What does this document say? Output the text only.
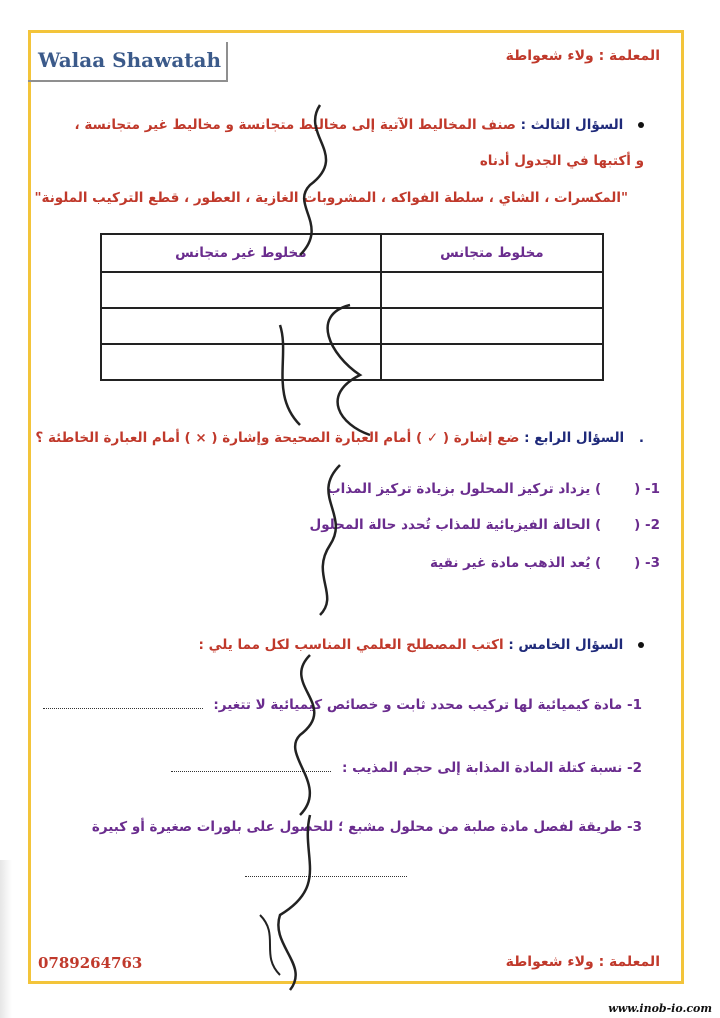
Walaa Shawatah	المعلمة : ولاء شعواطة
السؤال الثالث : صنف المخاليط الآتية إلى مخاليط متجانسة و مخاليط غير متجانسة ،
و أكتبها في الجدول أدناه
"المكسرات ، الشاي ، سلطة الفواكه ، المشروبات الغازية ، العطور ، قطع التركيب الملونة"
مخلوط متجانس	مخلوط غير متجانس

. السؤال الرابع : ضع إشارة ( ✓ ) أمام العبارة الصحيحة وإشارة ( × ) أمام العبارة الخاطئة ؟
1- (       ) يزداد تركيز المحلول بزيادة تركيز المذاب
2- (       ) الحالة الفيزيائية للمذاب تُحدد حالة المحلول
3- (       ) يُعد الذهب مادة غير نقية
السؤال الخامس : اكتب المصطلح العلمي المناسب لكل مما يلي :
1- مادة كيميائية لها تركيب محدد ثابت و خصائص كيميائية لا تتغير:
2- نسبة كتلة المادة المذابة إلى حجم المذيب :
3- طريقة لفصل مادة صلبة من محلول مشبع ؛ للحصول على بلورات صغيرة أو كبيرة
0789264763	المعلمة : ولاء شعواطة
www.inob-io.com
